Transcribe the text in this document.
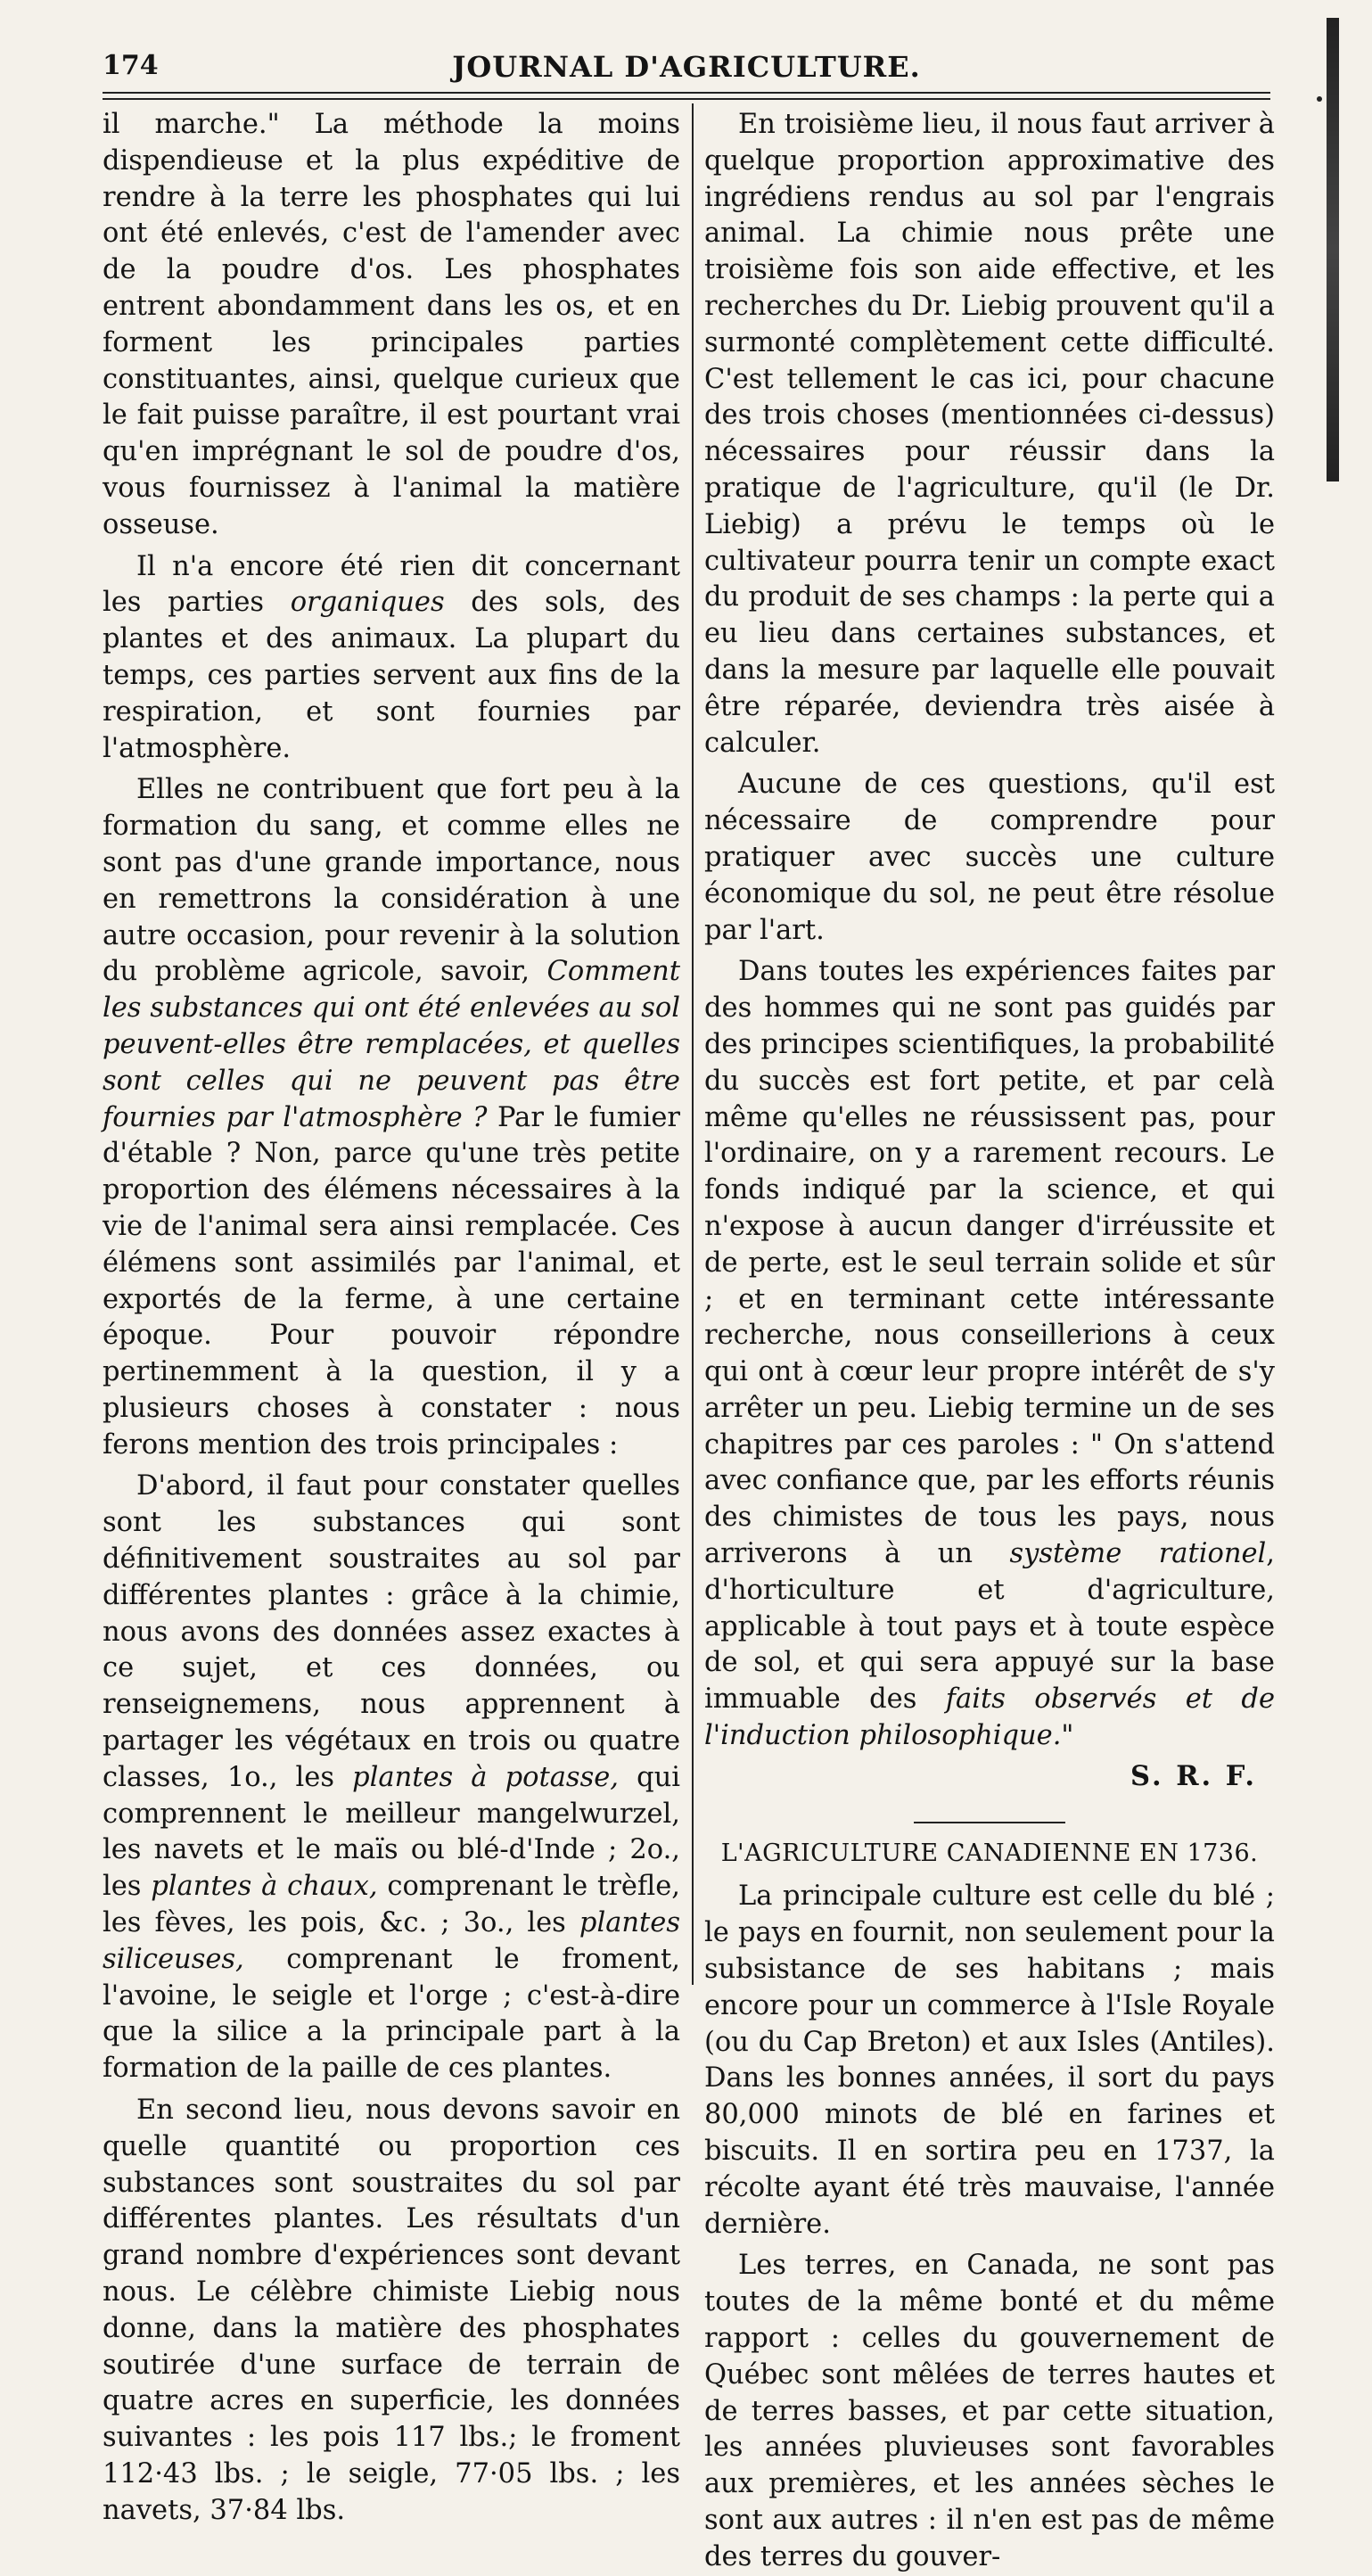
174	JOURNAL D'AGRICULTURE.

il marche." La méthode la moins dispendieuse et la plus expéditive de rendre à la terre les phosphates qui lui ont été enlevés, c'est de l'amender avec de la poudre d'os. Les phosphates entrent abondamment dans les os, et en forment les principales parties constituantes, ainsi, quelque curieux que le fait puisse paraître, il est pourtant vrai qu'en imprégnant le sol de poudre d'os, vous fournissez à l'animal la matière osseuse.

Il n'a encore été rien dit concernant les parties organiques des sols, des plantes et des animaux. La plupart du temps, ces parties servent aux fins de la respiration, et sont fournies par l'atmosphère.

Elles ne contribuent que fort peu à la formation du sang, et comme elles ne sont pas d'une grande importance, nous en remettrons la considération à une autre occasion, pour revenir à la solution du problème agricole, savoir, Comment les substances qui ont été enlevées au sol peuvent-elles être remplacées, et quelles sont celles qui ne peuvent pas être fournies par l'atmosphère ? Par le fumier d'étable ? Non, parce qu'une très petite proportion des élémens nécessaires à la vie de l'animal sera ainsi remplacée. Ces élémens sont assimilés par l'animal, et exportés de la ferme, à une certaine époque. Pour pouvoir répondre pertinemment à la question, il y a plusieurs choses à constater : nous ferons mention des trois principales :

D'abord, il faut pour constater quelles sont les substances qui sont définitivement soustraites au sol par différentes plantes : grâce à la chimie, nous avons des données assez exactes à ce sujet, et ces données, ou renseignemens, nous apprennent à partager les végétaux en trois ou quatre classes, 1o., les plantes à potasse, qui comprennent le meilleur mangelwurzel, les navets et le maïs ou blé-d'Inde ; 2o., les plantes à chaux, comprenant le trèfle, les fèves, les pois, &c. ; 3o., les plantes siliceuses, comprenant le froment, l'avoine, le seigle et l'orge ; c'est-à-dire que la silice a la principale part à la formation de la paille de ces plantes.

En second lieu, nous devons savoir en quelle quantité ou proportion ces substances sont soustraites du sol par différentes plantes. Les résultats d'un grand nombre d'expériences sont devant nous. Le célèbre chimiste Liebig nous donne, dans la matière des phosphates soutirée d'une surface de terrain de quatre acres en superficie, les données suivantes : les pois 117 lbs.; le froment 112·43 lbs. ; le seigle, 77·05 lbs. ; les navets, 37·84 lbs.

En troisième lieu, il nous faut arriver à quelque proportion approximative des ingrédiens rendus au sol par l'engrais animal. La chimie nous prête une troisième fois son aide effective, et les recherches du Dr. Liebig prouvent qu'il a surmonté complètement cette difficulté. C'est tellement le cas ici, pour chacune des trois choses (mentionnées ci-dessus) nécessaires pour réussir dans la pratique de l'agriculture, qu'il (le Dr. Liebig) a prévu le temps où le cultivateur pourra tenir un compte exact du produit de ses champs : la perte qui a eu lieu dans certaines substances, et dans la mesure par laquelle elle pouvait être réparée, deviendra très aisée à calculer.

Aucune de ces questions, qu'il est nécessaire de comprendre pour pratiquer avec succès une culture économique du sol, ne peut être résolue par l'art.

Dans toutes les expériences faites par des hommes qui ne sont pas guidés par des principes scientifiques, la probabilité du succès est fort petite, et par celà même qu'elles ne réussissent pas, pour l'ordinaire, on y a rarement recours. Le fonds indiqué par la science, et qui n'expose à aucun danger d'irréussite et de perte, est le seul terrain solide et sûr ; et en terminant cette intéressante recherche, nous conseillerions à ceux qui ont à cœur leur propre intérêt de s'y arrêter un peu. Liebig termine un de ses chapitres par ces paroles : " On s'attend avec confiance que, par les efforts réunis des chimistes de tous les pays, nous arriverons à un système rationel, d'horticulture et d'agriculture, applicable à tout pays et à toute espèce de sol, et qui sera appuyé sur la base immuable des faits observés et de l'induction philosophique."

S. R. F.

L'AGRICULTURE CANADIENNE EN 1736.

La principale culture est celle du blé ; le pays en fournit, non seulement pour la subsistance de ses habitans ; mais encore pour un commerce à l'Isle Royale (ou du Cap Breton) et aux Isles (Antiles). Dans les bonnes années, il sort du pays 80,000 minots de blé en farines et biscuits. Il en sortira peu en 1737, la récolte ayant été très mauvaise, l'année dernière.

Les terres, en Canada, ne sont pas toutes de la même bonté et du même rapport : celles du gouvernement de Québec sont mêlées de terres hautes et de terres basses, et par cette situation, les années pluvieuses sont favorables aux premières, et les années sèches le sont aux autres : il n'en est pas de même des terres du gouver-
